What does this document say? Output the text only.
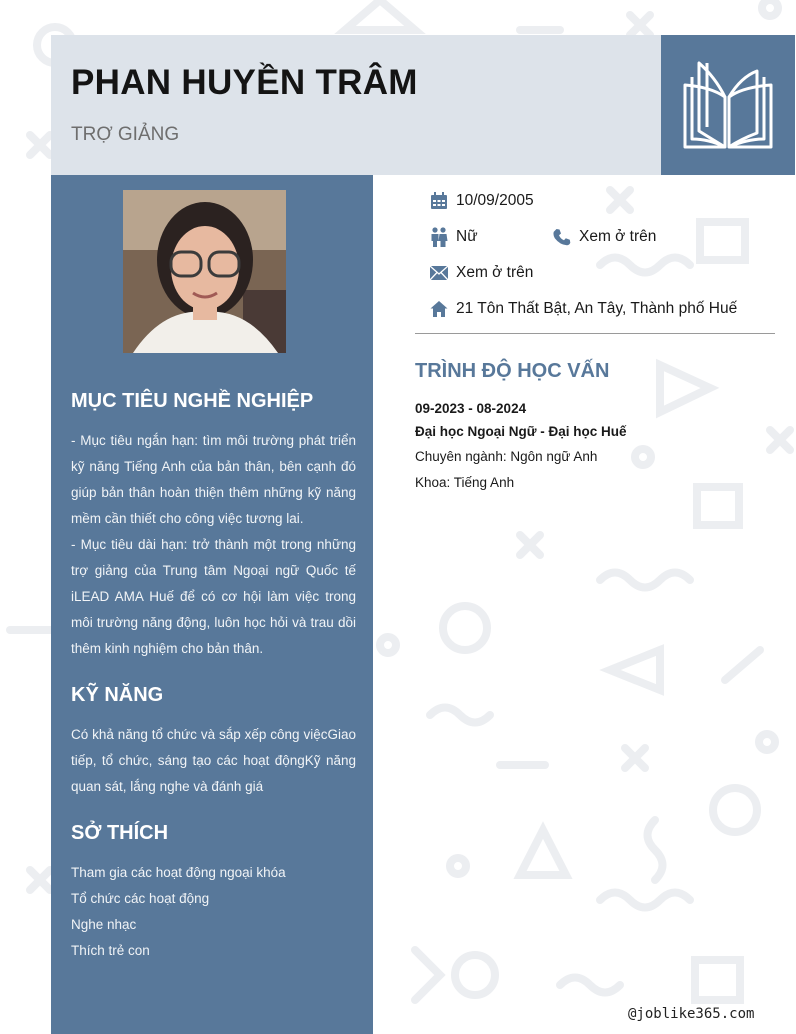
PHAN HUYỀN TRÂM
TRỢ GIẢNG
MỤC TIÊU NGHỀ NGHIỆP
- Mục tiêu ngắn hạn: tìm môi trường phát triển kỹ năng Tiếng Anh của bản thân, bên cạnh đó giúp bản thân hoàn thiện thêm những kỹ năng mềm cần thiết cho công việc tương lai.
- Mục tiêu dài hạn: trở thành một trong những trợ giảng của Trung tâm Ngoại ngữ Quốc tế iLEAD AMA Huế để có cơ hội làm việc trong môi trường năng động, luôn học hỏi và trau dồi thêm kinh nghiệm cho bản thân.
KỸ NĂNG
Có khả năng tổ chức và sắp xếp công việcGiao tiếp, tổ chức, sáng tạo các hoạt độngKỹ năng quan sát, lắng nghe và đánh giá
SỞ THÍCH
Tham gia các hoạt động ngoại khóa
Tổ chức các hoạt động
Nghe nhạc
Thích trẻ con
10/09/2005
Nữ	Xem ở trên
Xem ở trên
21 Tôn Thất Bật, An Tây, Thành phố Huế
TRÌNH ĐỘ HỌC VẤN
09-2023 - 08-2024
Đại học Ngoại Ngữ - Đại học Huế
Chuyên ngành: Ngôn ngữ Anh
Khoa: Tiếng Anh
@joblike365.com
